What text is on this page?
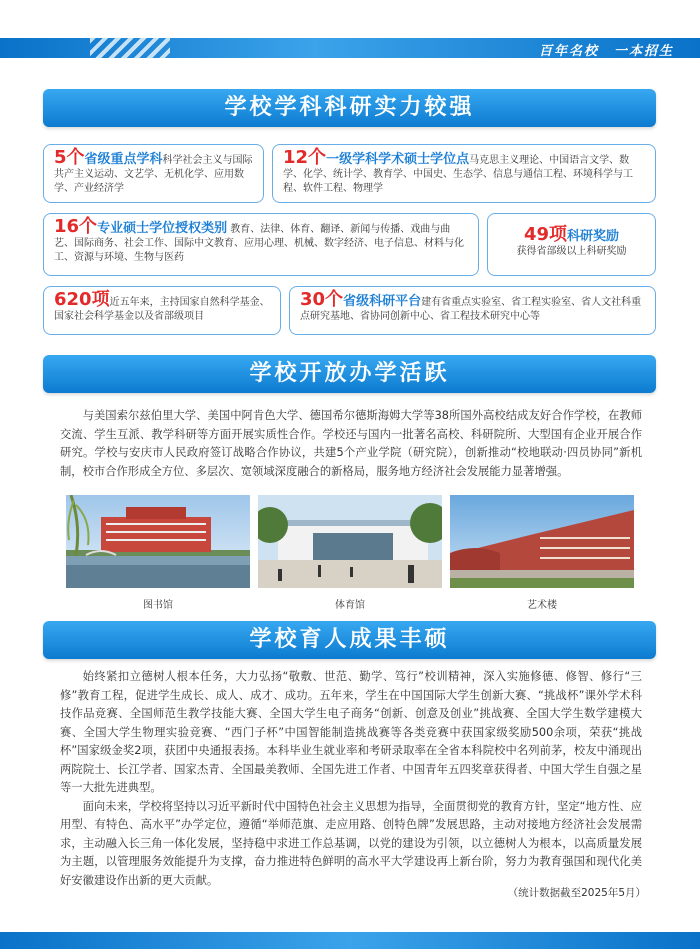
百年名校　一本招生
学校学科科研实力较强
5个省级重点学科科学社会主义与国际共产主义运动、文艺学、无机化学、应用数学、产业经济学
12个一级学科学术硕士学位点马克思主义理论、中国语言文学、数学、化学、统计学、教育学、中国史、生态学、信息与通信工程、环境科学与工程、软件工程、物理学
16个专业硕士学位授权类别 教育、法律、体育、翻译、新闻与传播、戏曲与曲艺、国际商务、社会工作、国际中文教育、应用心理、机械、数字经济、电子信息、材料与化工、资源与环境、生物与医药
49项科研奖励
获得省部级以上科研奖励
620项近五年来，主持国家自然科学基金、国家社会科学基金以及省部级项目
30个省级科研平台建有省重点实验室、省工程实验室、省人文社科重点研究基地、省协同创新中心、省工程技术研究中心等
学校开放办学活跃

与美国索尔兹伯里大学、美国中阿肯色大学、德国希尔德斯海姆大学等38所国外高校结成友好合作学校，在教师交流、学生互派、教学科研等方面开展实质性合作。学校还与国内一批著名高校、科研院所、大型国有企业开展合作研究。学校与安庆市人民政府签订战略合作协议，共建5个产业学院（研究院），创新推动“校地联动·四员协同”新机制，校市合作形成全方位、多层次、宽领域深度融合的新格局，服务地方经济社会发展能力显著增强。

图书馆	体育馆	艺术楼
学校育人成果丰硕

始终紧扣立德树人根本任务，大力弘扬“敬敷、世范、勤学、笃行”校训精神，深入实施修德、修智、修行“三修”教育工程，促进学生成长、成人、成才、成功。五年来，学生在中国国际大学生创新大赛、“挑战杯”课外学术科技作品竞赛、全国师范生教学技能大赛、全国大学生电子商务“创新、创意及创业”挑战赛、全国大学生数学建模大赛、全国大学生物理实验竞赛、“西门子杯”中国智能制造挑战赛等各类竞赛中获国家级奖励500余项，荣获“挑战杯”国家级金奖2项，获团中央通报表扬。本科毕业生就业率和考研录取率在全省本科院校中名列前茅，校友中涌现出两院院士、长江学者、国家杰青、全国最美教师、全国先进工作者、中国青年五四奖章获得者、中国大学生自强之星等一大批先进典型。

面向未来，学校将坚持以习近平新时代中国特色社会主义思想为指导，全面贯彻党的教育方针，坚定“地方性、应用型、有特色、高水平”办学定位，遵循“举师范旗、走应用路、创特色牌”发展思路，主动对接地方经济社会发展需求，主动融入长三角一体化发展，坚持稳中求进工作总基调，以党的建设为引领，以立德树人为根本，以高质量发展为主题，以管理服务效能提升为支撑，奋力推进特色鲜明的高水平大学建设再上新台阶，努力为教育强国和现代化美好安徽建设作出新的更大贡献。

（统计数据截至2025年5月）
